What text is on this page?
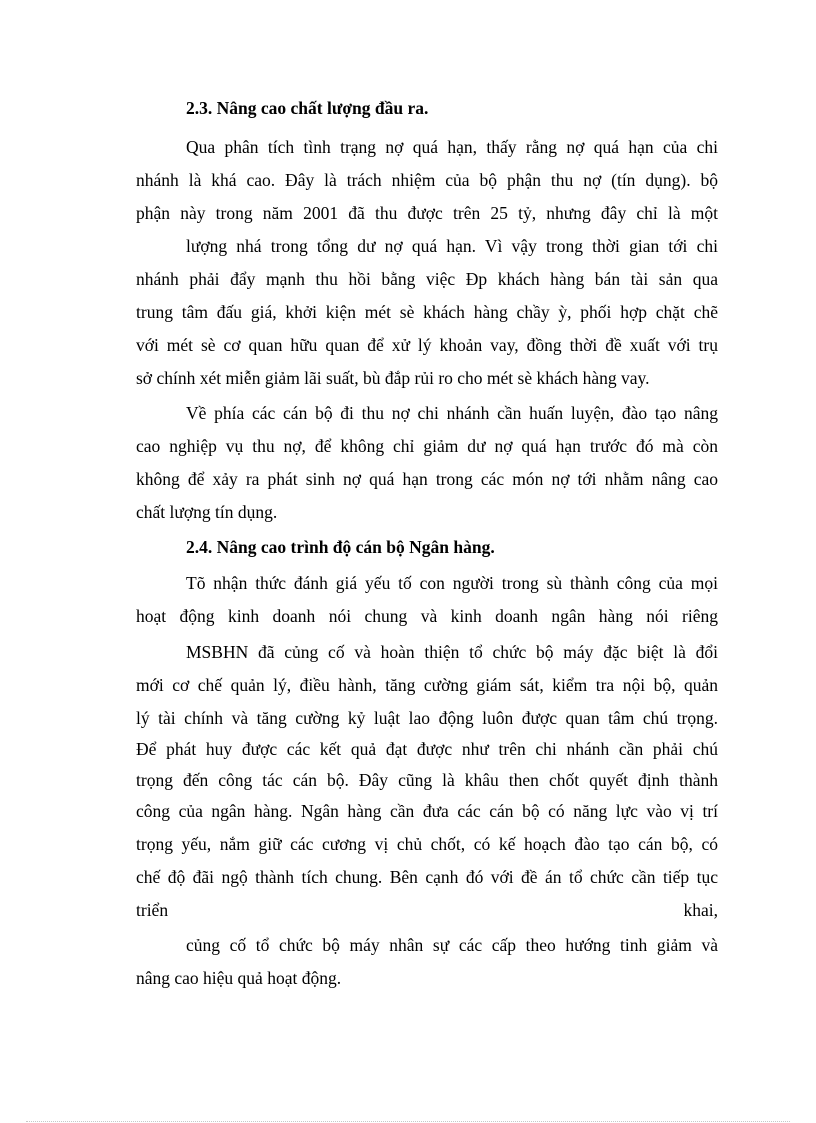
2.3. Nâng cao chất lượng đầu ra.
Qua phân tích tình trạng nợ quá hạn, thấy rằng nợ quá hạn của chi
nhánh là khá cao. Đây là trách nhiệm của bộ phận thu nợ (tín dụng). bộ
phận này trong năm 2001 đã thu được trên 25 tỷ, nhưng đây chỉ là một
lượng nhá trong tổng dư nợ quá hạn. Vì vậy trong thời gian tới chi
nhánh phải đẩy mạnh thu hồi bằng việc Đp khách hàng bán tài sản qua
trung tâm đấu giá, khởi kiện mét sè khách hàng chầy ỳ, phối hợp chặt chẽ
với mét sè cơ quan hữu quan để xử lý khoản vay, đồng thời đề xuất với trụ
sở chính xét miễn giảm lãi suất, bù đắp rủi ro cho mét sè khách hàng vay.
Về phía các cán bộ đi thu nợ chi nhánh cần huấn luyện, đào tạo nâng
cao nghiệp vụ thu nợ, để không chỉ giảm dư nợ quá hạn trước đó mà còn
không để xảy ra phát sinh nợ quá hạn trong các món nợ tới nhằm nâng cao
chất lượng tín dụng.
2.4. Nâng cao trình độ cán bộ Ngân hàng.
Tõ nhận thức đánh giá yếu tố con người trong sù thành công của mọi
hoạt động kinh doanh nói chung và kinh doanh ngân hàng nói riêng
MSBHN đã củng cố và hoàn thiện tổ chức bộ máy đặc biệt là đổi
mới cơ chế quản lý, điều hành, tăng cường giám sát, kiểm tra nội bộ, quản
lý tài chính và tăng cường kỷ luật lao động luôn được quan tâm chú trọng.
Để phát huy được các kết quả đạt được như trên chi nhánh cần phải chú
trọng đến công tác cán bộ. Đây cũng là khâu then chốt quyết định thành
công của ngân hàng. Ngân hàng cần đưa các cán bộ có năng lực vào vị trí
trọng yếu, nắm giữ các cương vị chủ chốt, có kế hoạch đào tạo cán bộ, có
chế độ đãi ngộ thành tích chung. Bên cạnh đó với đề án tổ chức cần tiếp tục
triển khai,
củng cố tổ chức bộ máy nhân sự các cấp theo hướng tinh giảm và
nâng cao hiệu quả hoạt động.
